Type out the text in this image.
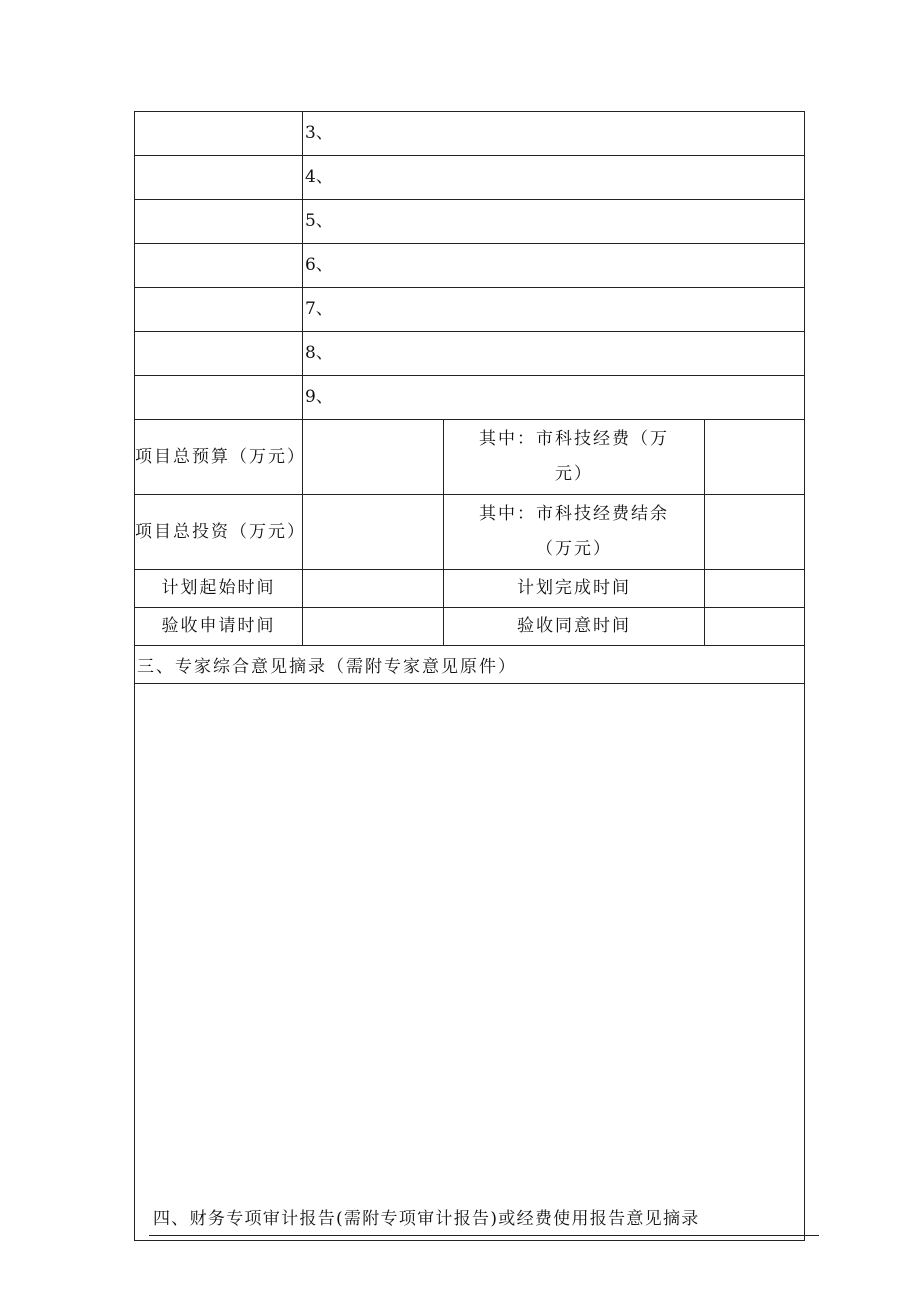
	3、		
	4、		
	5、		
	6、		
	7、		
	8、		
	9、		
项目总预算（万元）		其中：市科技经费（万元）	
项目总投资（万元）		其中：市科技经费结余（万元）	
计划起始时间		计划完成时间	
验收申请时间		验收同意时间	
三、专家综合意见摘录（需附专家意见原件）			

四、财务专项审计报告(需附专项审计报告)或经费使用报告意见摘录
